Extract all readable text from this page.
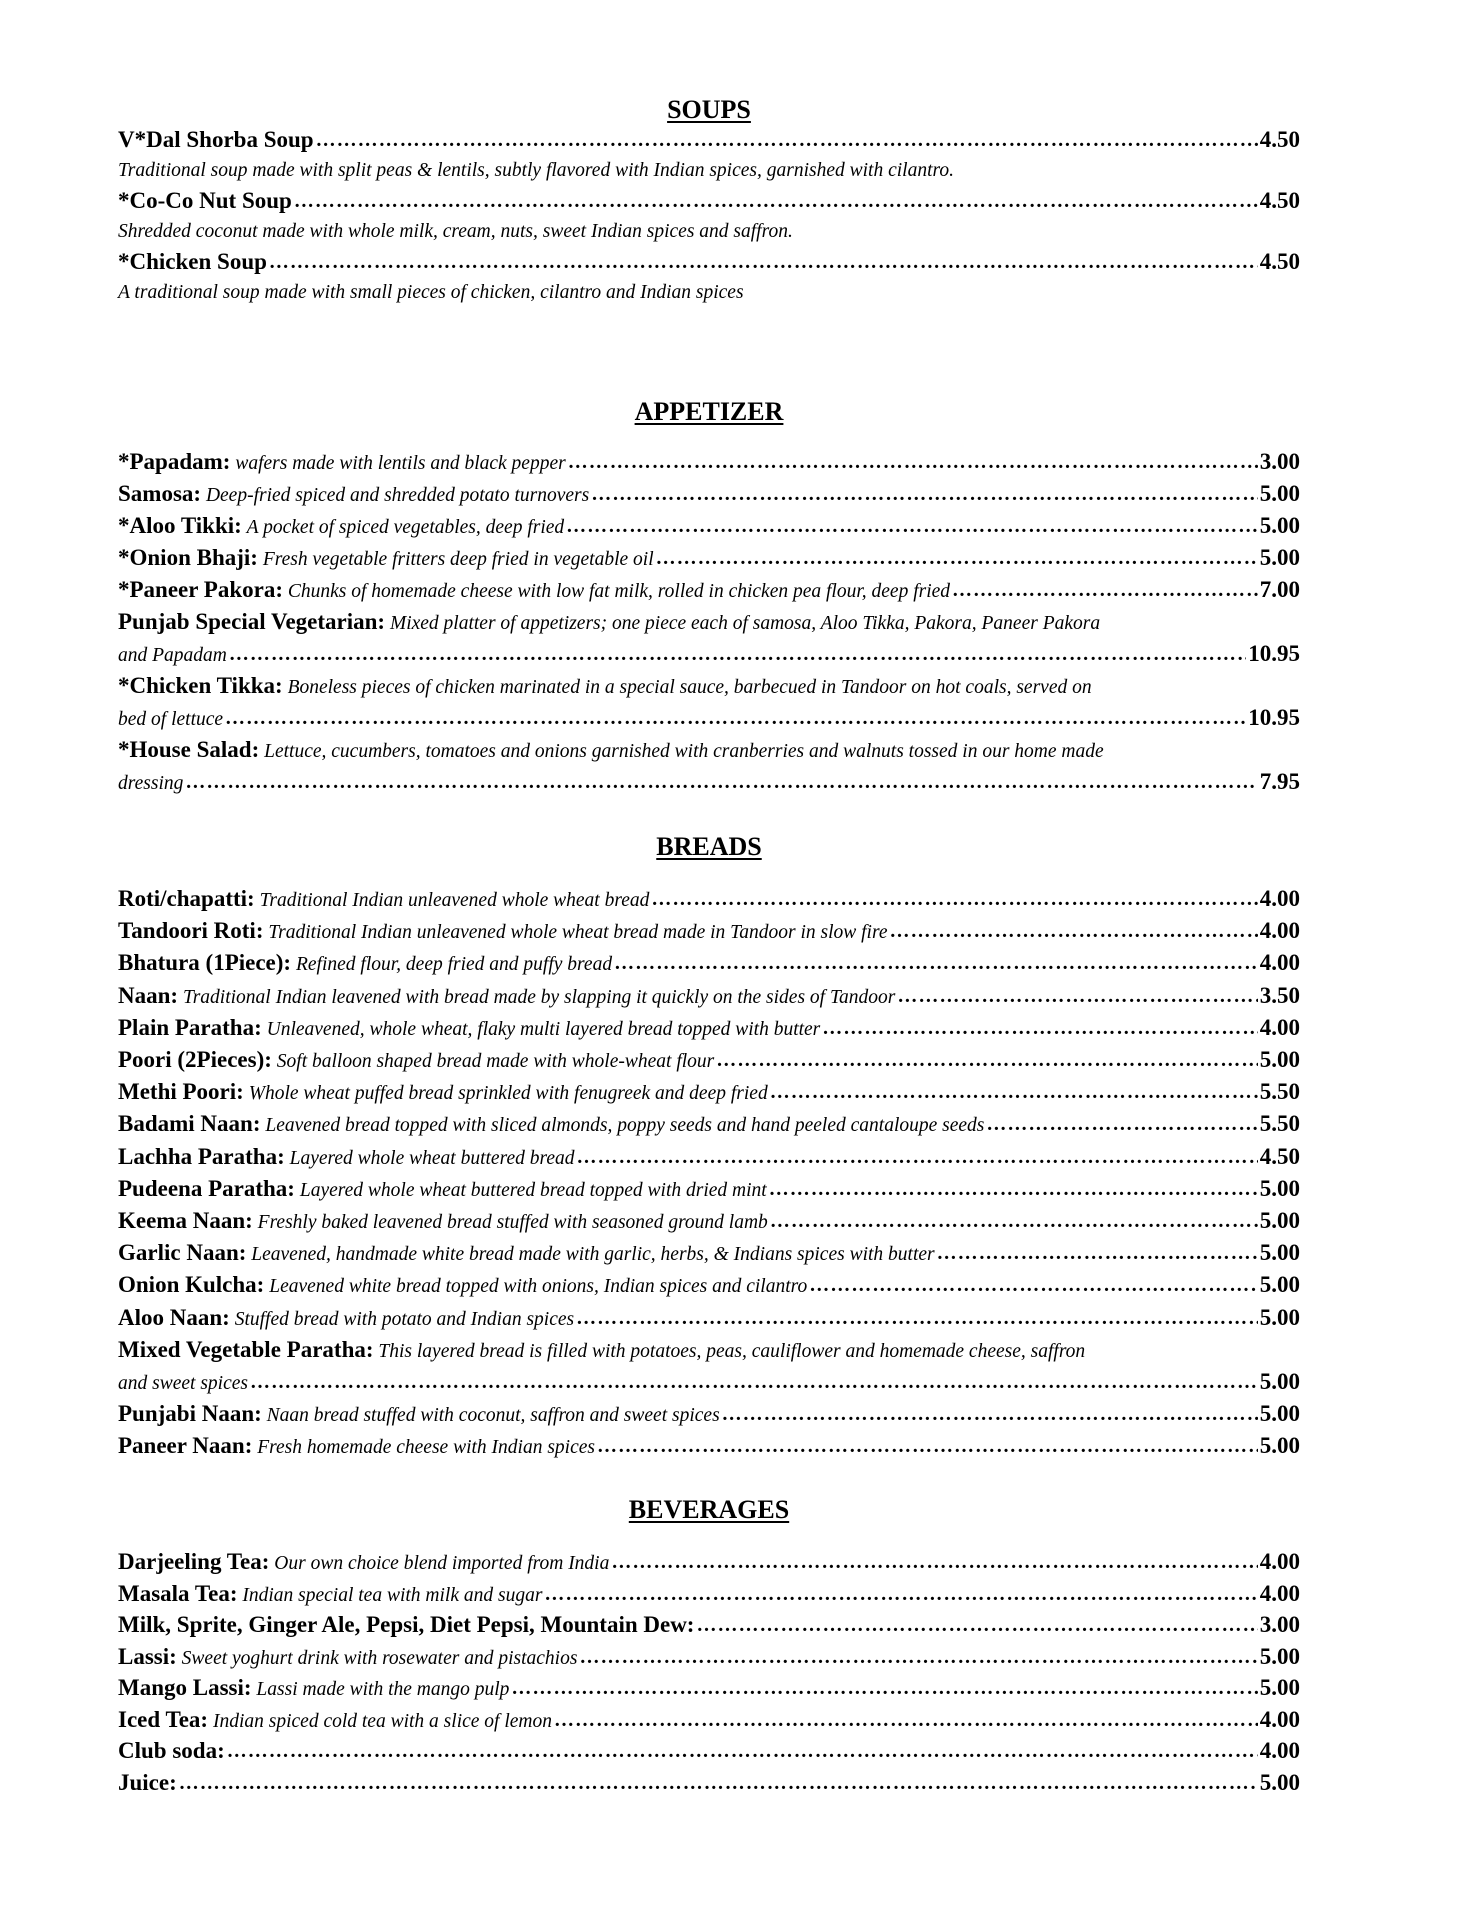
SOUPS
V*Dal Shorba Soup …………………………………………………………………………………………………………………………………………………………………………………………………………………………………………………………………………………	4.50
Traditional soup made with split peas & lentils, subtly flavored with Indian spices, garnished with cilantro.
*Co-Co Nut Soup …………………………………………………………………………………………………………………………………………………………………………………………………………………………………………………………………………………	4.50
Shredded coconut made with whole milk, cream, nuts, sweet Indian spices and saffron.
*Chicken Soup …………………………………………………………………………………………………………………………………………………………………………………………………………………………………………………………………………………	4.50
A traditional soup made with small pieces of chicken, cilantro and Indian spices
APPETIZER
*Papadam: wafers made with lentils and black pepper …………………………………………………………………………………………………………………………………………………………………………………………………………………………………………………………………………………	3.00
Samosa: Deep-fried spiced and shredded potato turnovers …………………………………………………………………………………………………………………………………………………………………………………………………………………………………………………………………………………	5.00
*Aloo Tikki: A pocket of spiced vegetables, deep fried …………………………………………………………………………………………………………………………………………………………………………………………………………………………………………………………………………………	5.00
*Onion Bhaji: Fresh vegetable fritters deep fried in vegetable oil …………………………………………………………………………………………………………………………………………………………………………………………………………………………………………………………………………………	5.00
*Paneer Pakora: Chunks of homemade cheese with low fat milk, rolled in chicken pea flour, deep fried …………………………………………………………………………………………………………………………………………………………………………………………………………………………………………………………………………………	7.00
Punjab Special Vegetarian: Mixed platter of appetizers; one piece each of samosa, Aloo Tikka, Pakora, Paneer Pakora
and Papadam …………………………………………………………………………………………………………………………………………………………………………………………………………………………………………………………………………………	10.95
*Chicken Tikka: Boneless pieces of chicken marinated in a special sauce, barbecued in Tandoor on hot coals, served on
bed of lettuce …………………………………………………………………………………………………………………………………………………………………………………………………………………………………………………………………………………	10.95
*House Salad: Lettuce, cucumbers, tomatoes and onions garnished with cranberries and walnuts tossed in our home made
dressing …………………………………………………………………………………………………………………………………………………………………………………………………………………………………………………………………………………	7.95
BREADS
Roti/chapatti: Traditional Indian unleavened whole wheat bread …………………………………………………………………………………………………………………………………………………………………………………………………………………………………………………………………………………	4.00
Tandoori Roti: Traditional Indian unleavened whole wheat bread made in Tandoor in slow fire …………………………………………………………………………………………………………………………………………………………………………………………………………………………………………………………………………………	4.00
Bhatura (1Piece): Refined flour, deep fried and puffy bread …………………………………………………………………………………………………………………………………………………………………………………………………………………………………………………………………………………	4.00
Naan: Traditional Indian leavened with bread made by slapping it quickly on the sides of Tandoor …………………………………………………………………………………………………………………………………………………………………………………………………………………………………………………………………………………	3.50
Plain Paratha: Unleavened, whole wheat, flaky multi layered bread topped with butter …………………………………………………………………………………………………………………………………………………………………………………………………………………………………………………………………………………	4.00
Poori (2Pieces): Soft balloon shaped bread made with whole-wheat flour …………………………………………………………………………………………………………………………………………………………………………………………………………………………………………………………………………………	5.00
Methi Poori: Whole wheat puffed bread sprinkled with fenugreek and deep fried …………………………………………………………………………………………………………………………………………………………………………………………………………………………………………………………………………………	5.50
Badami Naan: Leavened bread topped with sliced almonds, poppy seeds and hand peeled cantaloupe seeds …………………………………………………………………………………………………………………………………………………………………………………………………………………………………………………………………………………	5.50
Lachha Paratha: Layered whole wheat buttered bread …………………………………………………………………………………………………………………………………………………………………………………………………………………………………………………………………………………	4.50
Pudeena Paratha: Layered whole wheat buttered bread topped with dried mint …………………………………………………………………………………………………………………………………………………………………………………………………………………………………………………………………………………	5.00
Keema Naan: Freshly baked leavened bread stuffed with seasoned ground lamb …………………………………………………………………………………………………………………………………………………………………………………………………………………………………………………………………………………	5.00
Garlic Naan: Leavened, handmade white bread made with garlic, herbs, & Indians spices with butter …………………………………………………………………………………………………………………………………………………………………………………………………………………………………………………………………………………	5.00
Onion Kulcha: Leavened white bread topped with onions, Indian spices and cilantro …………………………………………………………………………………………………………………………………………………………………………………………………………………………………………………………………………………	5.00
Aloo Naan: Stuffed bread with potato and Indian spices …………………………………………………………………………………………………………………………………………………………………………………………………………………………………………………………………………………	5.00
Mixed Vegetable Paratha: This layered bread is filled with potatoes, peas, cauliflower and homemade cheese, saffron
and sweet spices …………………………………………………………………………………………………………………………………………………………………………………………………………………………………………………………………………………	5.00
Punjabi Naan: Naan bread stuffed with coconut, saffron and sweet spices …………………………………………………………………………………………………………………………………………………………………………………………………………………………………………………………………………………	5.00
Paneer Naan: Fresh homemade cheese with Indian spices …………………………………………………………………………………………………………………………………………………………………………………………………………………………………………………………………………………	5.00
BEVERAGES
Darjeeling Tea: Our own choice blend imported from India …………………………………………………………………………………………………………………………………………………………………………………………………………………………………………………………………………………	4.00
Masala Tea: Indian special tea with milk and sugar …………………………………………………………………………………………………………………………………………………………………………………………………………………………………………………………………………………	4.00
Milk, Sprite, Ginger Ale, Pepsi, Diet Pepsi, Mountain Dew: …………………………………………………………………………………………………………………………………………………………………………………………………………………………………………………………………………………	3.00
Lassi: Sweet yoghurt drink with rosewater and pistachios …………………………………………………………………………………………………………………………………………………………………………………………………………………………………………………………………………………	5.00
Mango Lassi: Lassi made with the mango pulp …………………………………………………………………………………………………………………………………………………………………………………………………………………………………………………………………………………	5.00
Iced Tea: Indian spiced cold tea with a slice of lemon …………………………………………………………………………………………………………………………………………………………………………………………………………………………………………………………………………………	4.00
Club soda: …………………………………………………………………………………………………………………………………………………………………………………………………………………………………………………………………………………	4.00
Juice: …………………………………………………………………………………………………………………………………………………………………………………………………………………………………………………………………………………	5.00
